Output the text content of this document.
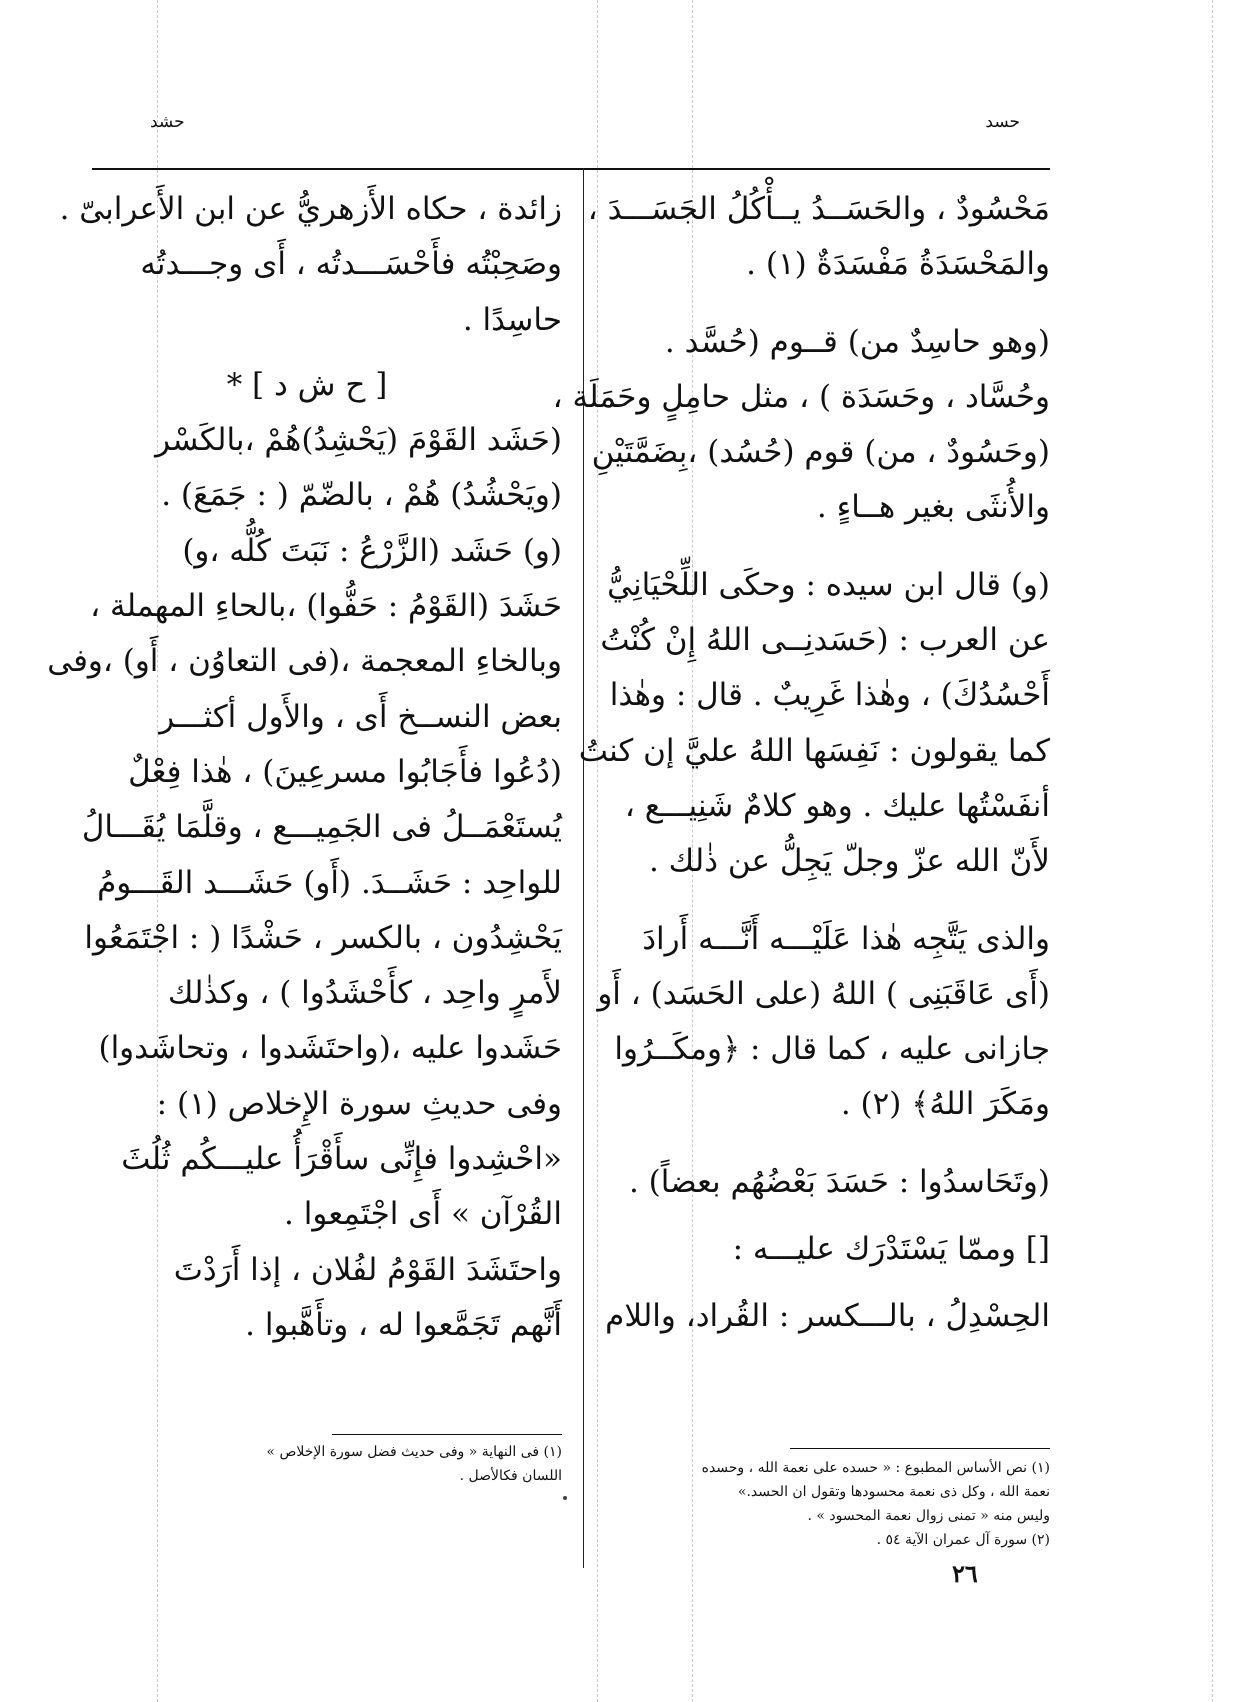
حسد
حشد
مَحْسُودٌ ، والحَسَــدُ يــأْكُلُ الجَسَـــدَ ،
والمَحْسَدَةُ مَفْسَدَةٌ (١) .
(وهو حاسِدٌ من) قــوم (حُسَّد .
وحُسَّاد ، وحَسَدَة ) ، مثل حامِلٍ وحَمَلَة ،
(وحَسُودٌ ، من) قوم (حُسُد) ،بِضَمَّتَيْنِ
والأُنثَى بغير هــاءٍ .
(و) قال ابن سيده : وحكَى اللِّحْيَانِيُّ
عن العرب : (حَسَدنِــى اللهُ إِنْ كُنْتُ
أَحْسُدُكَ) ، وهٰذا غَرِيبٌ . قال : وهٰذا
كما يقولون : نَفِسَها اللهُ عليَّ إن كنتُ
أنفَسْتُها عليك . وهو كلامٌ شَنِيـــع ،
لأَنّ الله عزّ وجلّ يَجِلُّ عن ذٰلك .
والذى يَتَّجِه هٰذا عَلَيْـــه أَنَّـــه أَرادَ
(أَى عَاقَبَنِى ) اللهُ (على الحَسَد) ، أَو
جازانى عليه ، كما قال : ﴿ومكَــرُوا
ومَكَرَ اللهُ﴾ (٢) .
(وتَحَاسدُوا : حَسَدَ بَعْضُهُم بعضاً) .
[] وممّا يَسْتَدْرَك عليـــه :
الحِسْدِلُ ، بالـــكسر : القُراد، واللام
(١) نص الأساس المطبوع : « حسده على نعمة الله ، وحسده
نعمة الله ، وكل ذى نعمة محسودها وتقول ان الحسد.»
وليس منه « تمنى زوال نعمة المحسود » .
(٢) سورة آل عمران الآية ٥٤ .
زائدة ، حكاه الأَزهريُّ عن ابن الأَعرابىّ .
وصَحِبْتُه فأَحْسَـــدتُه ، أَى وجـــدتُه
حاسِدًا .
[ ح ش د ] *
(حَشَد القَوْمَ (يَحْشِدُ)هُمْ ،بالكَسْر
(ويَحْشُدُ) هُمْ ، بالضّمّ ( : جَمَعَ) .
(و) حَشَد (الزَّرْعُ : نَبَتَ كُلُّه ،و)
حَشَدَ (القَوْمُ : حَفُّوا) ،بالحاءِ المهملة ،
وبالخاءِ المعجمة ،(فى التعاوُن ، أَو) ،وفى
بعض النســخ أَى ، والأَول أكثـــر
(دُعُوا فأَجَابُوا مسرعِينَ) ، هٰذا فِعْلٌ
يُستَعْمَــلُ فى الجَمِيـــع ، وقلَّمَا يُقَـــالُ
للواحِد : حَشَــدَ. (أَو) حَشَـــد القَـــومُ
يَحْشِدُون ، بالكسر ، حَشْدًا ( : اجْتَمَعُوا
لأَمرٍ واحِد ، كأَحْشَدُوا ) ، وكذٰلك
حَشَدوا عليه ،(واحتَشَدوا ، وتحاشَدوا)
وفى حديثِ سورة الإِخلاص (١) :
«احْشِدوا فإِنِّى سأَقْرَأُ عليـــكُم ثُلُثَ
القُرْآن » أَى اجْتَمِعوا .
واحتَشَدَ القَوْمُ لفُلان ، إذا أَرَدْتَ
أَنَّهم تَجَمَّعوا له ، وتأَهَّبوا .
(١) فى النهاية « وفى حديث فضل سورة الإخلاص »
اللسان فكالأصل .
٢٦
